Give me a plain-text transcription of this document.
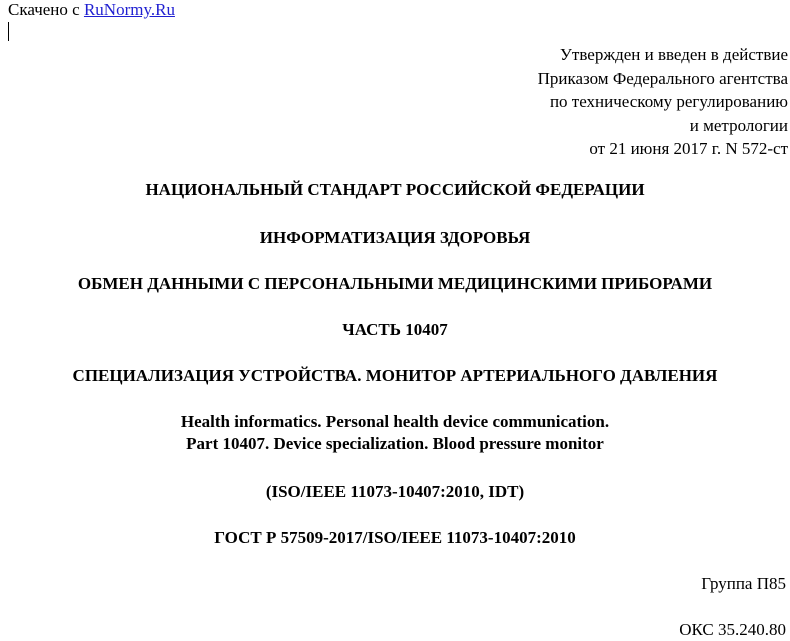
Скачено с RuNormy.Ru
Утвержден и введен в действие
Приказом Федерального агентства
по техническому регулированию
и метрологии
от 21 июня 2017 г. N 572-ст
НАЦИОНАЛЬНЫЙ СТАНДАРТ РОССИЙСКОЙ ФЕДЕРАЦИИ
ИНФОРМАТИЗАЦИЯ ЗДОРОВЬЯ
ОБМЕН ДАННЫМИ С ПЕРСОНАЛЬНЫМИ МЕДИЦИНСКИМИ ПРИБОРАМИ
ЧАСТЬ 10407
СПЕЦИАЛИЗАЦИЯ УСТРОЙСТВА. МОНИТОР АРТЕРИАЛЬНОГО ДАВЛЕНИЯ
Health informatics. Personal health device communication.
Part 10407. Device specialization. Blood pressure monitor
(ISO/IEEE 11073-10407:2010, IDT)
ГОСТ Р 57509-2017/ISO/IEEE 11073-10407:2010
Группа П85
ОКС 35.240.80
